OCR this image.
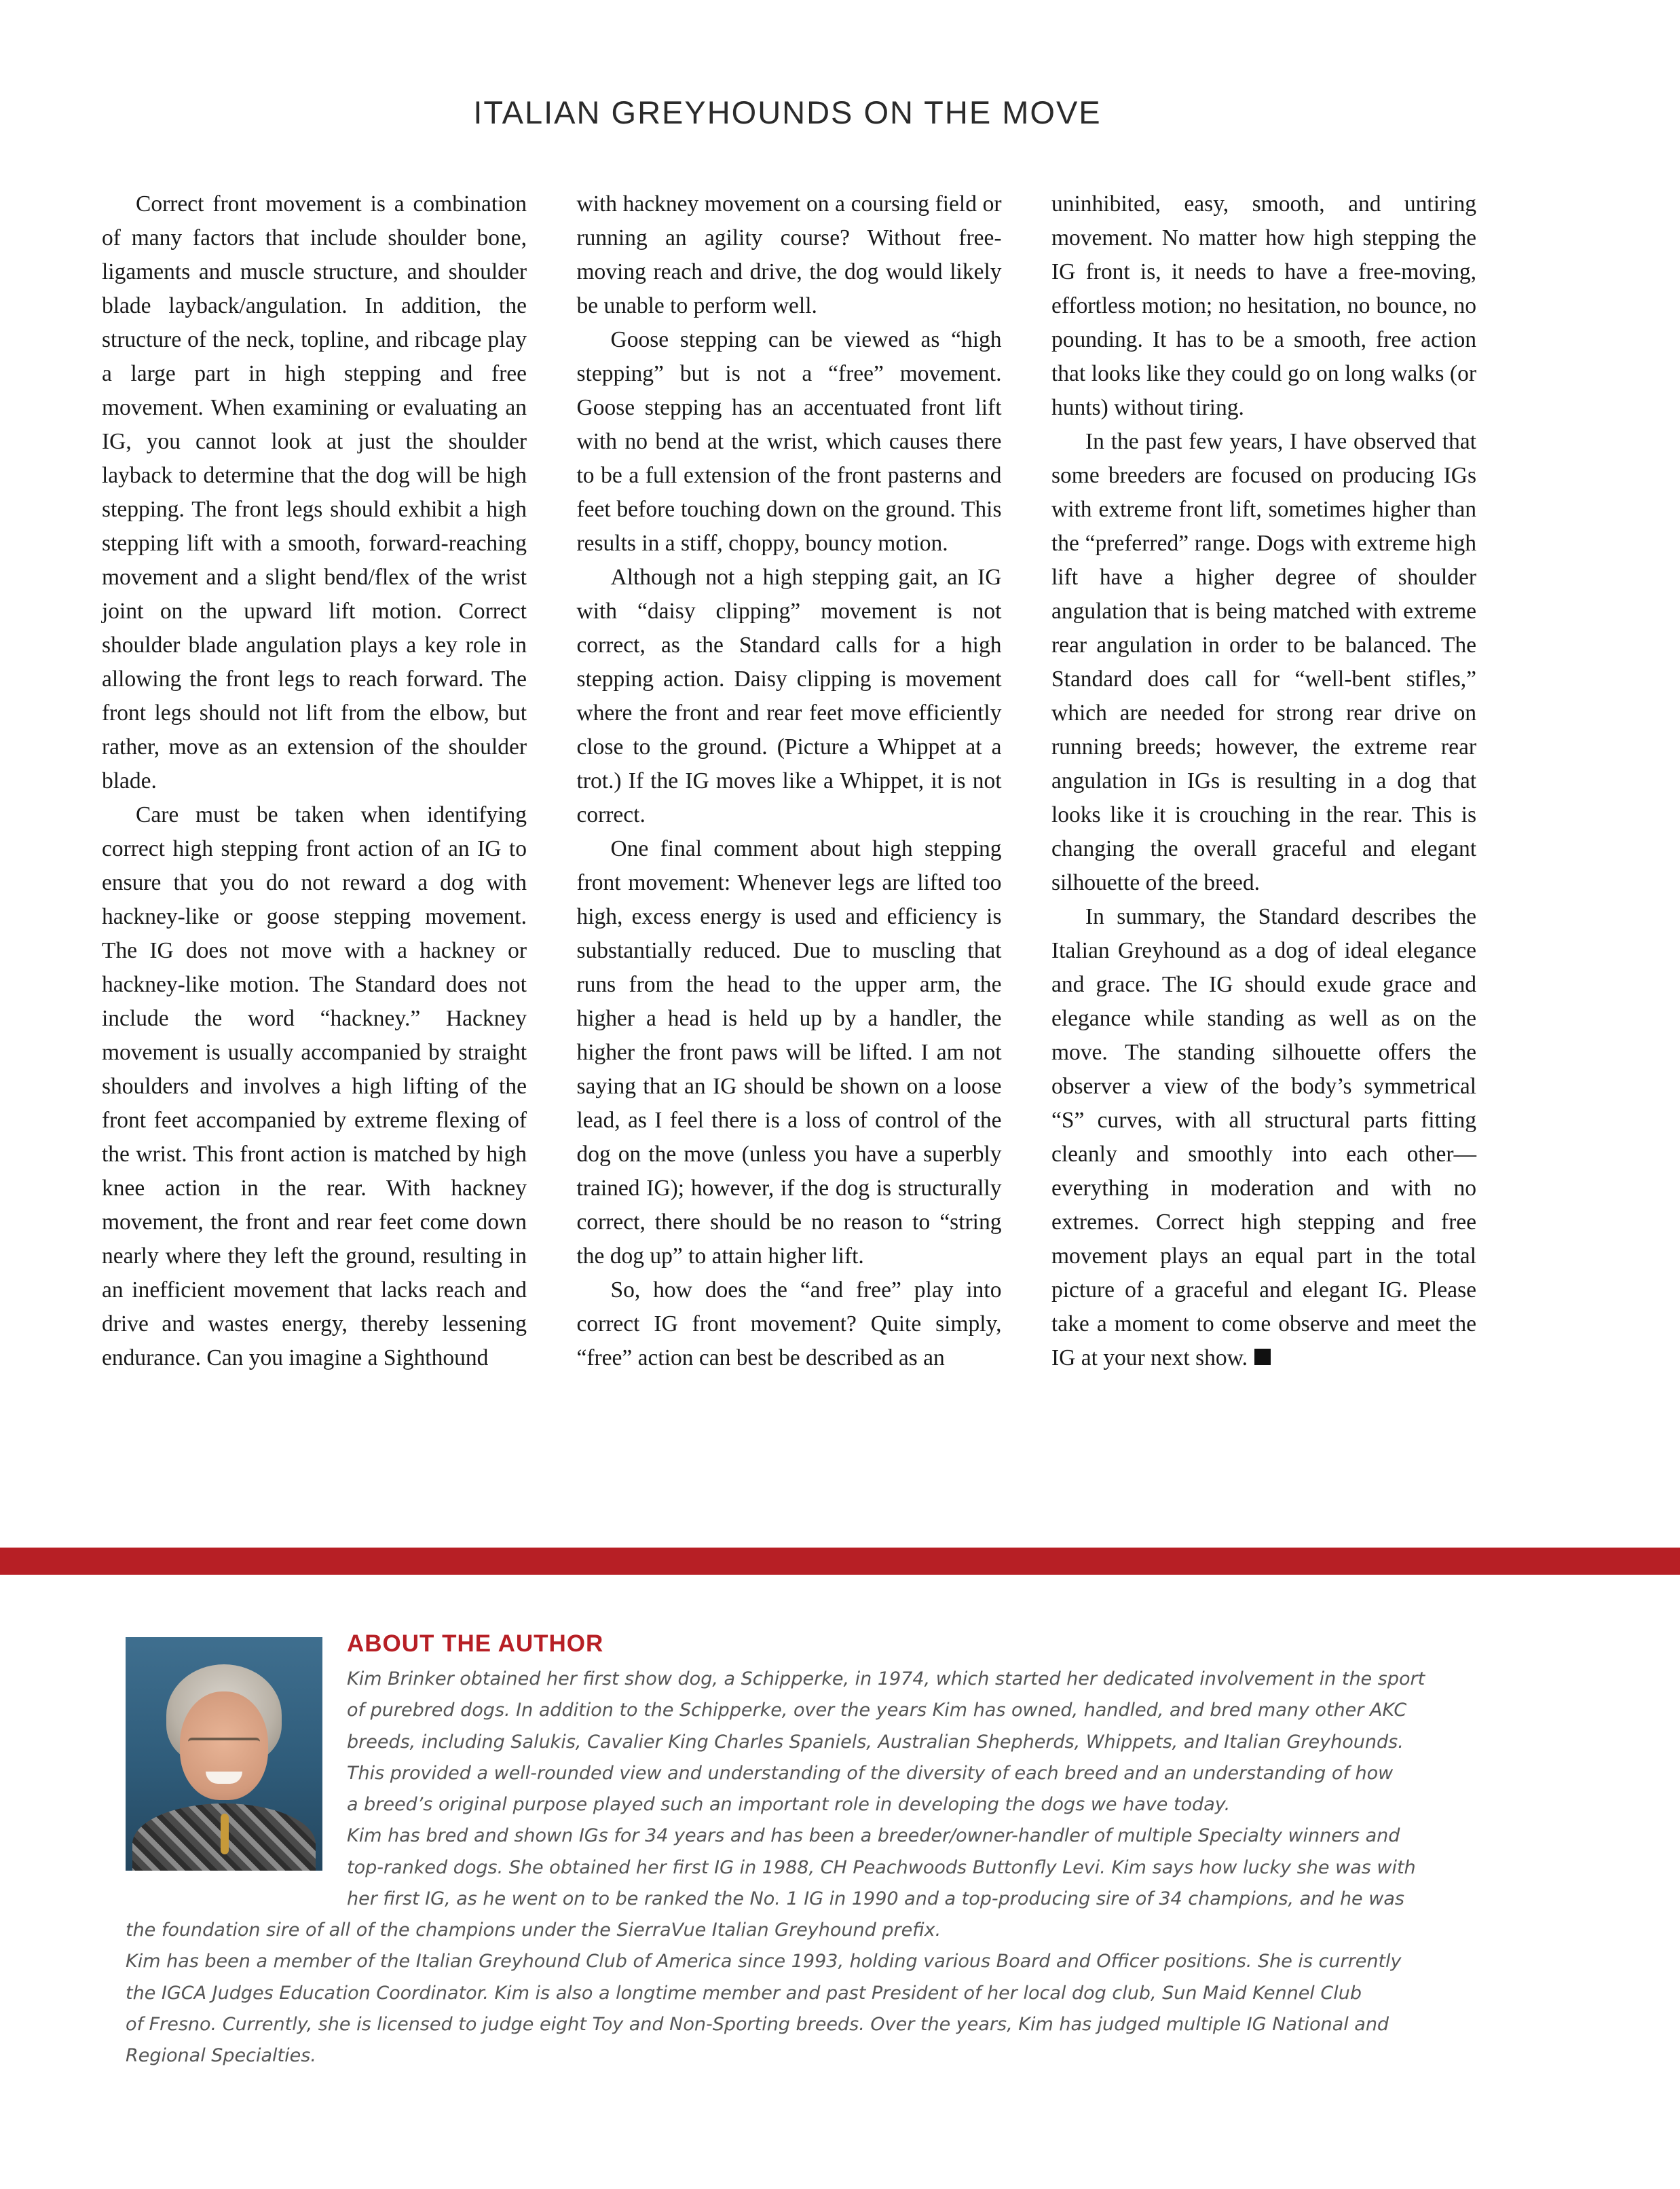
ITALIAN GREYHOUNDS ON THE MOVE

Correct front movement is a combination of many factors that include shoulder bone, ligaments and muscle structure, and shoulder blade layback/angulation. In addition, the structure of the neck, topline, and ribcage play a large part in high stepping and free movement. When examining or evaluating an IG, you cannot look at just the shoulder layback to determine that the dog will be high stepping. The front legs should exhibit a high stepping lift with a smooth, forward-reaching movement and a slight bend/flex of the wrist joint on the upward lift motion. Correct shoulder blade angulation plays a key role in allowing the front legs to reach forward. The front legs should not lift from the elbow, but rather, move as an extension of the shoulder blade.

Care must be taken when identifying correct high stepping front action of an IG to ensure that you do not reward a dog with hackney-like or goose stepping movement. The IG does not move with a hackney or hackney-like motion. The Standard does not include the word “hackney.” Hackney movement is usually accompanied by straight shoulders and involves a high lifting of the front feet accompanied by extreme flexing of the wrist. This front action is matched by high knee action in the rear. With hackney movement, the front and rear feet come down nearly where they left the ground, resulting in an inefficient movement that lacks reach and drive and wastes energy, thereby lessening endurance. Can you imagine a Sighthound

with hackney movement on a coursing field or running an agility course? Without free-moving reach and drive, the dog would likely be unable to perform well.

Goose stepping can be viewed as “high stepping” but is not a “free” movement. Goose stepping has an accentuated front lift with no bend at the wrist, which causes there to be a full extension of the front pasterns and feet before touching down on the ground. This results in a stiff, choppy, bouncy motion.

Although not a high stepping gait, an IG with “daisy clipping” movement is not correct, as the Standard calls for a high stepping action. Daisy clipping is movement where the front and rear feet move efficiently close to the ground. (Picture a Whippet at a trot.) If the IG moves like a Whippet, it is not correct.

One final comment about high stepping front movement: Whenever legs are lifted too high, excess energy is used and efficiency is substantially reduced. Due to muscling that runs from the head to the upper arm, the higher a head is held up by a handler, the higher the front paws will be lifted. I am not saying that an IG should be shown on a loose lead, as I feel there is a loss of control of the dog on the move (unless you have a superbly trained IG); however, if the dog is structurally correct, there should be no reason to “string the dog up” to attain higher lift.

So, how does the “and free” play into correct IG front movement? Quite simply, “free” action can best be described as an

uninhibited, easy, smooth, and untiring movement. No matter how high stepping the IG front is, it needs to have a free-moving, effortless motion; no hesitation, no bounce, no pounding. It has to be a smooth, free action that looks like they could go on long walks (or hunts) without tiring.

In the past few years, I have observed that some breeders are focused on producing IGs with extreme front lift, sometimes higher than the “preferred” range. Dogs with extreme high lift have a higher degree of shoulder angulation that is being matched with extreme rear angulation in order to be balanced. The Standard does call for “well-bent stifles,” which are needed for strong rear drive on running breeds; however, the extreme rear angulation in IGs is resulting in a dog that looks like it is crouching in the rear. This is changing the overall graceful and elegant silhouette of the breed.

In summary, the Standard describes the Italian Greyhound as a dog of ideal elegance and grace. The IG should exude grace and elegance while standing as well as on the move. The standing silhouette offers the observer a view of the body’s symmetrical “S” curves, with all structural parts fitting cleanly and smoothly into each other—everything in moderation and with no extremes. Correct high stepping and free movement plays an equal part in the total picture of a graceful and elegant IG. Please take a moment to come observe and meet the IG at your next show.

ABOUT THE AUTHOR
Kim Brinker obtained her first show dog, a Schipperke, in 1974, which started her dedicated involvement in the sport
of purebred dogs. In addition to the Schipperke, over the years Kim has owned, handled, and bred many other AKC
breeds, including Salukis, Cavalier King Charles Spaniels, Australian Shepherds, Whippets, and Italian Greyhounds.
This provided a well-rounded view and understanding of the diversity of each breed and an understanding of how
a breed’s original purpose played such an important role in developing the dogs we have today.
Kim has bred and shown IGs for 34 years and has been a breeder/owner-handler of multiple Specialty winners and
top-ranked dogs. She obtained her first IG in 1988, CH Peachwoods Buttonfly Levi. Kim says how lucky she was with
her first IG, as he went on to be ranked the No. 1 IG in 1990 and a top-producing sire of 34 champions, and he was
the foundation sire of all of the champions under the SierraVue Italian Greyhound prefix.
Kim has been a member of the Italian Greyhound Club of America since 1993, holding various Board and Officer positions. She is currently
the IGCA Judges Education Coordinator. Kim is also a longtime member and past President of her local dog club, Sun Maid Kennel Club
of Fresno. Currently, she is licensed to judge eight Toy and Non-Sporting breeds. Over the years, Kim has judged multiple IG National and
Regional Specialties.
